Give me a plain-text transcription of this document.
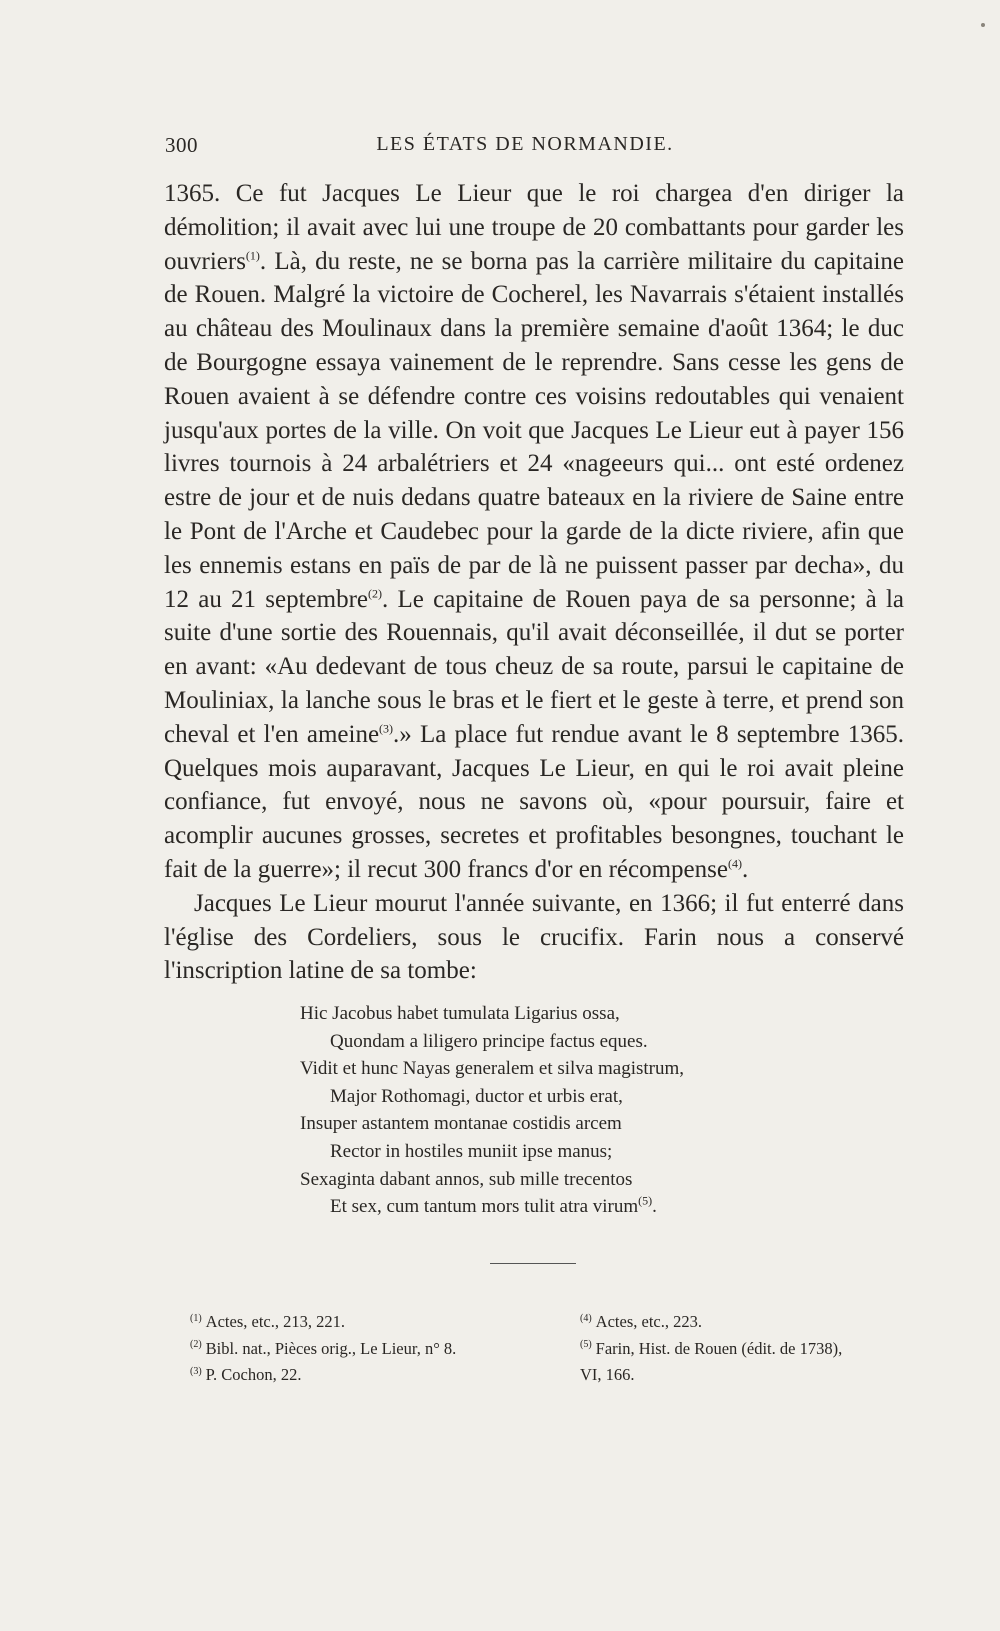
300	LES ÉTATS DE NORMANDIE.

1365. Ce fut Jacques Le Lieur que le roi chargea d'en diriger la démolition; il avait avec lui une troupe de 20 combattants pour garder les ouvriers$^{(1)}$. Là, du reste, ne se borna pas la carrière militaire du capitaine de Rouen. Malgré la victoire de Cocherel, les Navarrais s'étaient installés au château des Moulinaux dans la première semaine d'août 1364; le duc de Bourgogne essaya vainement de le reprendre. Sans cesse les gens de Rouen avaient à se défendre contre ces voisins redoutables qui venaient jusqu'aux portes de la ville. On voit que Jacques Le Lieur eut à payer 156 livres tournois à 24 arbalétriers et 24 «nageeurs qui... ont esté ordenez estre de jour et de nuis dedans quatre bateaux en la riviere de Saine entre le Pont de l'Arche et Caudebec pour la garde de la dicte riviere, afin que les ennemis estans en païs de par de là ne puissent passer par decha», du 12 au 21 septembre$^{(2)}$. Le capitaine de Rouen paya de sa personne; à la suite d'une sortie des Rouennais, qu'il avait déconseillée, il dut se porter en avant: «Au dedevant de tous cheuz de sa route, parsui le capitaine de Mouliniax, la lanche sous le bras et le fiert et le geste à terre, et prend son cheval et l'en ameine$^{(3)}$.» La place fut rendue avant le 8 septembre 1365. Quelques mois auparavant, Jacques Le Lieur, en qui le roi avait pleine confiance, fut envoyé, nous ne savons où, «pour poursuir, faire et acomplir aucunes grosses, secretes et profitables besongnes, touchant le fait de la guerre»; il recut 300 francs d'or en récompense$^{(4)}$.

Jacques Le Lieur mourut l'année suivante, en 1366; il fut enterré dans l'église des Cordeliers, sous le crucifix. Farin nous a conservé l'inscription latine de sa tombe:

Hic Jacobus habet tumulata Ligarius ossa,
Quondam a liligero principe factus eques.
Vidit et hunc Nayas generalem et silva magistrum,
Major Rothomagi, ductor et urbis erat,
Insuper astantem montanae costidis arcem
Rector in hostiles muniit ipse manus;
Sexaginta dabant annos, sub mille trecentos
Et sex, cum tantum mors tulit atra virum$^{(5)}$.
$^{(1)}$ Actes, etc., 213, 221.
$^{(2)}$ Bibl. nat., Pièces orig., Le Lieur, n° 8.
$^{(3)}$ P. Cochon, 22.
$^{(4)}$ Actes, etc., 223.
$^{(5)}$ Farin, Hist. de Rouen (édit. de 1738),
VI, 166.
